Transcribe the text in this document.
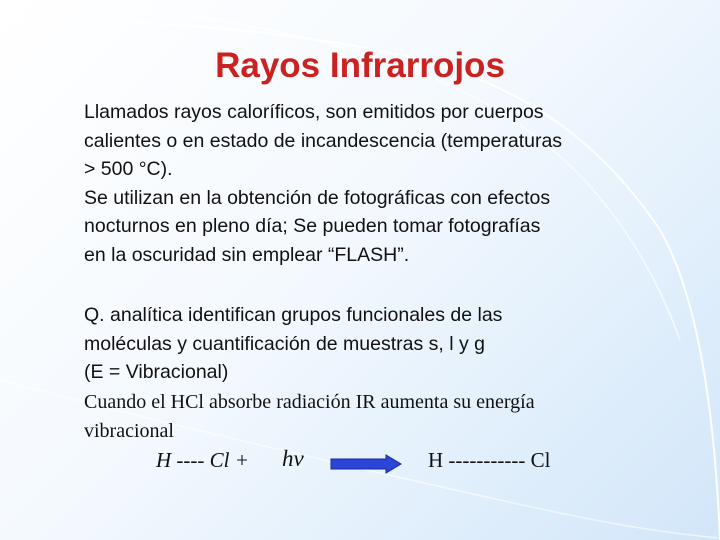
Rayos Infrarrojos

Llamados rayos caloríficos, son emitidos por cuerpos
calientes o en estado de incandescencia (temperaturas
> 500 °C).
Se utilizan en la obtención de fotográficas con efectos
nocturnos en pleno día; Se pueden tomar fotografías
en la oscuridad sin emplear “FLASH”.

Q. analítica identifican grupos funcionales de las
moléculas y cuantificación de muestras s, l y g
(E = Vibracional)

Cuando el HCl absorbe radiación IR aumenta su energía
vibracional

H ---- Cl + hν	H ----------- Cl
